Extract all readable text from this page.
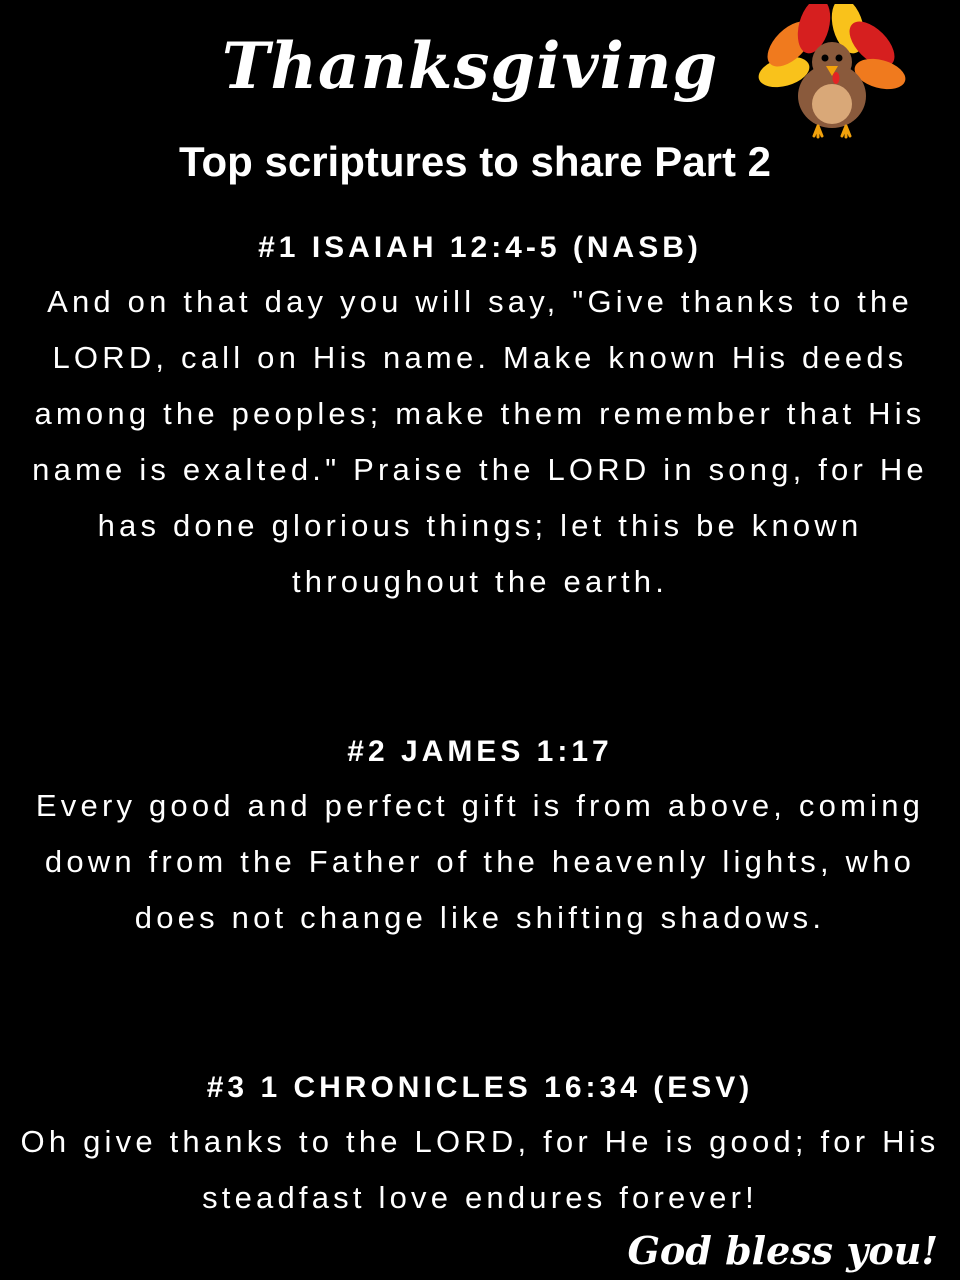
Thanksgiving
Top scriptures to share Part 2

#1 ISAIAH 12:4-5 (NASB)

And on that day you will say, "Give thanks to the LORD, call on His name. Make known His deeds among the peoples; make them remember that His name is exalted." Praise the LORD in song, for He has done glorious things; let this be known throughout the earth.

#2 JAMES 1:17

Every good and perfect gift is from above, coming down from the Father of the heavenly lights, who does not change like shifting shadows.

#3 1 CHRONICLES 16:34 (ESV)

Oh give thanks to the LORD, for He is good; for His steadfast love endures forever!

God bless you!
